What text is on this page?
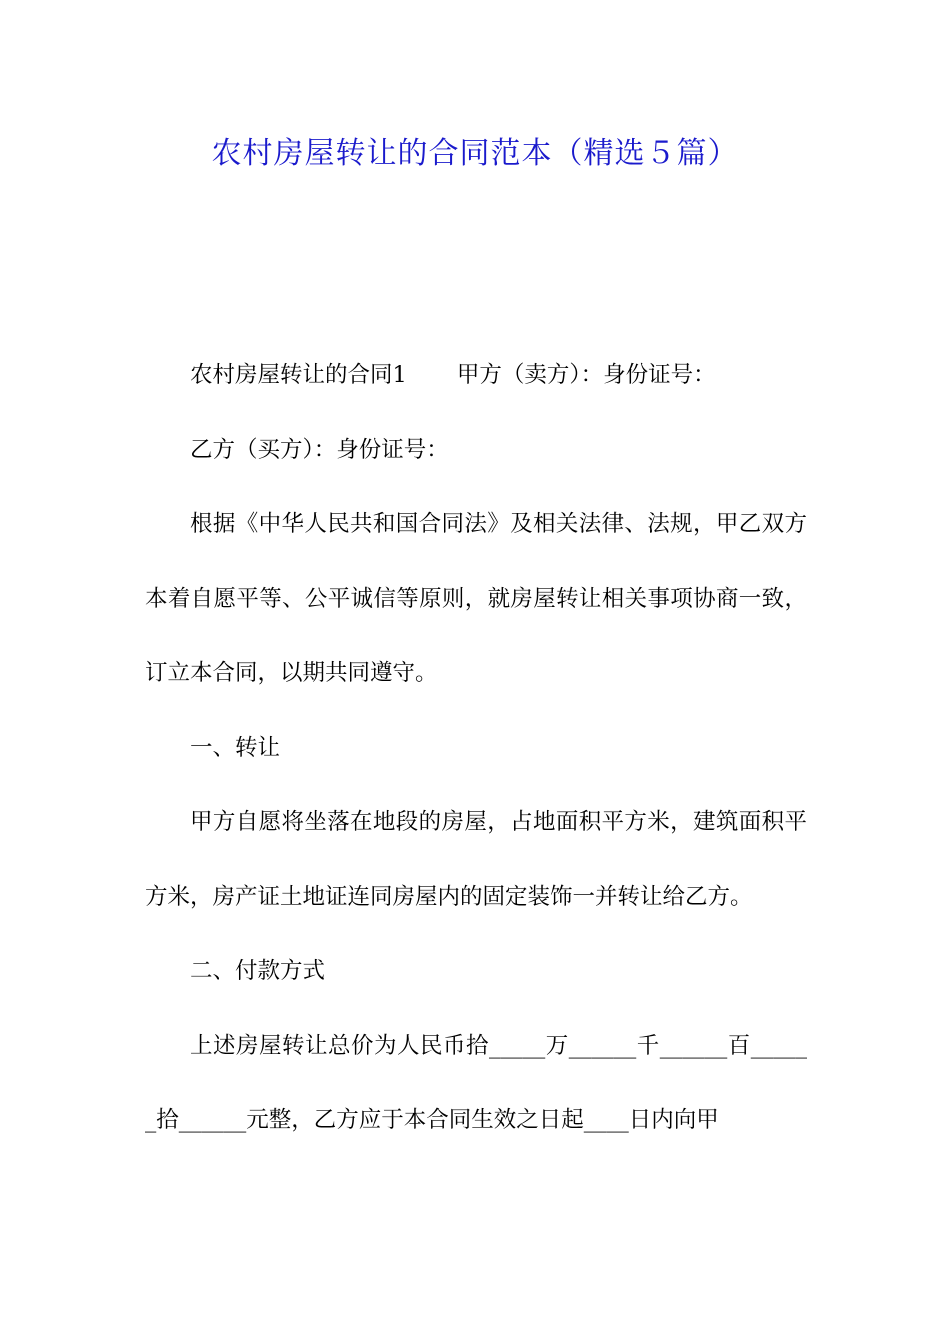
农村房屋转让的合同范本（精选５篇）

农村房屋转让的合同1 甲方（卖方）：身份证号：

乙方（买方）：身份证号：

根据《中华人民共和国合同法》及相关法律、法规，甲乙双方本着自愿平等、公平诚信等原则，就房屋转让相关事项协商一致，订立本合同，以期共同遵守。

一、转让

甲方自愿将坐落在地段的房屋，占地面积平方米，建筑面积平方米，房产证土地证连同房屋内的固定装饰一并转让给乙方。

二、付款方式

上述房屋转让总价为人民币拾_____万______千______百______拾______元整，乙方应于本合同生效之日起____日内向甲
